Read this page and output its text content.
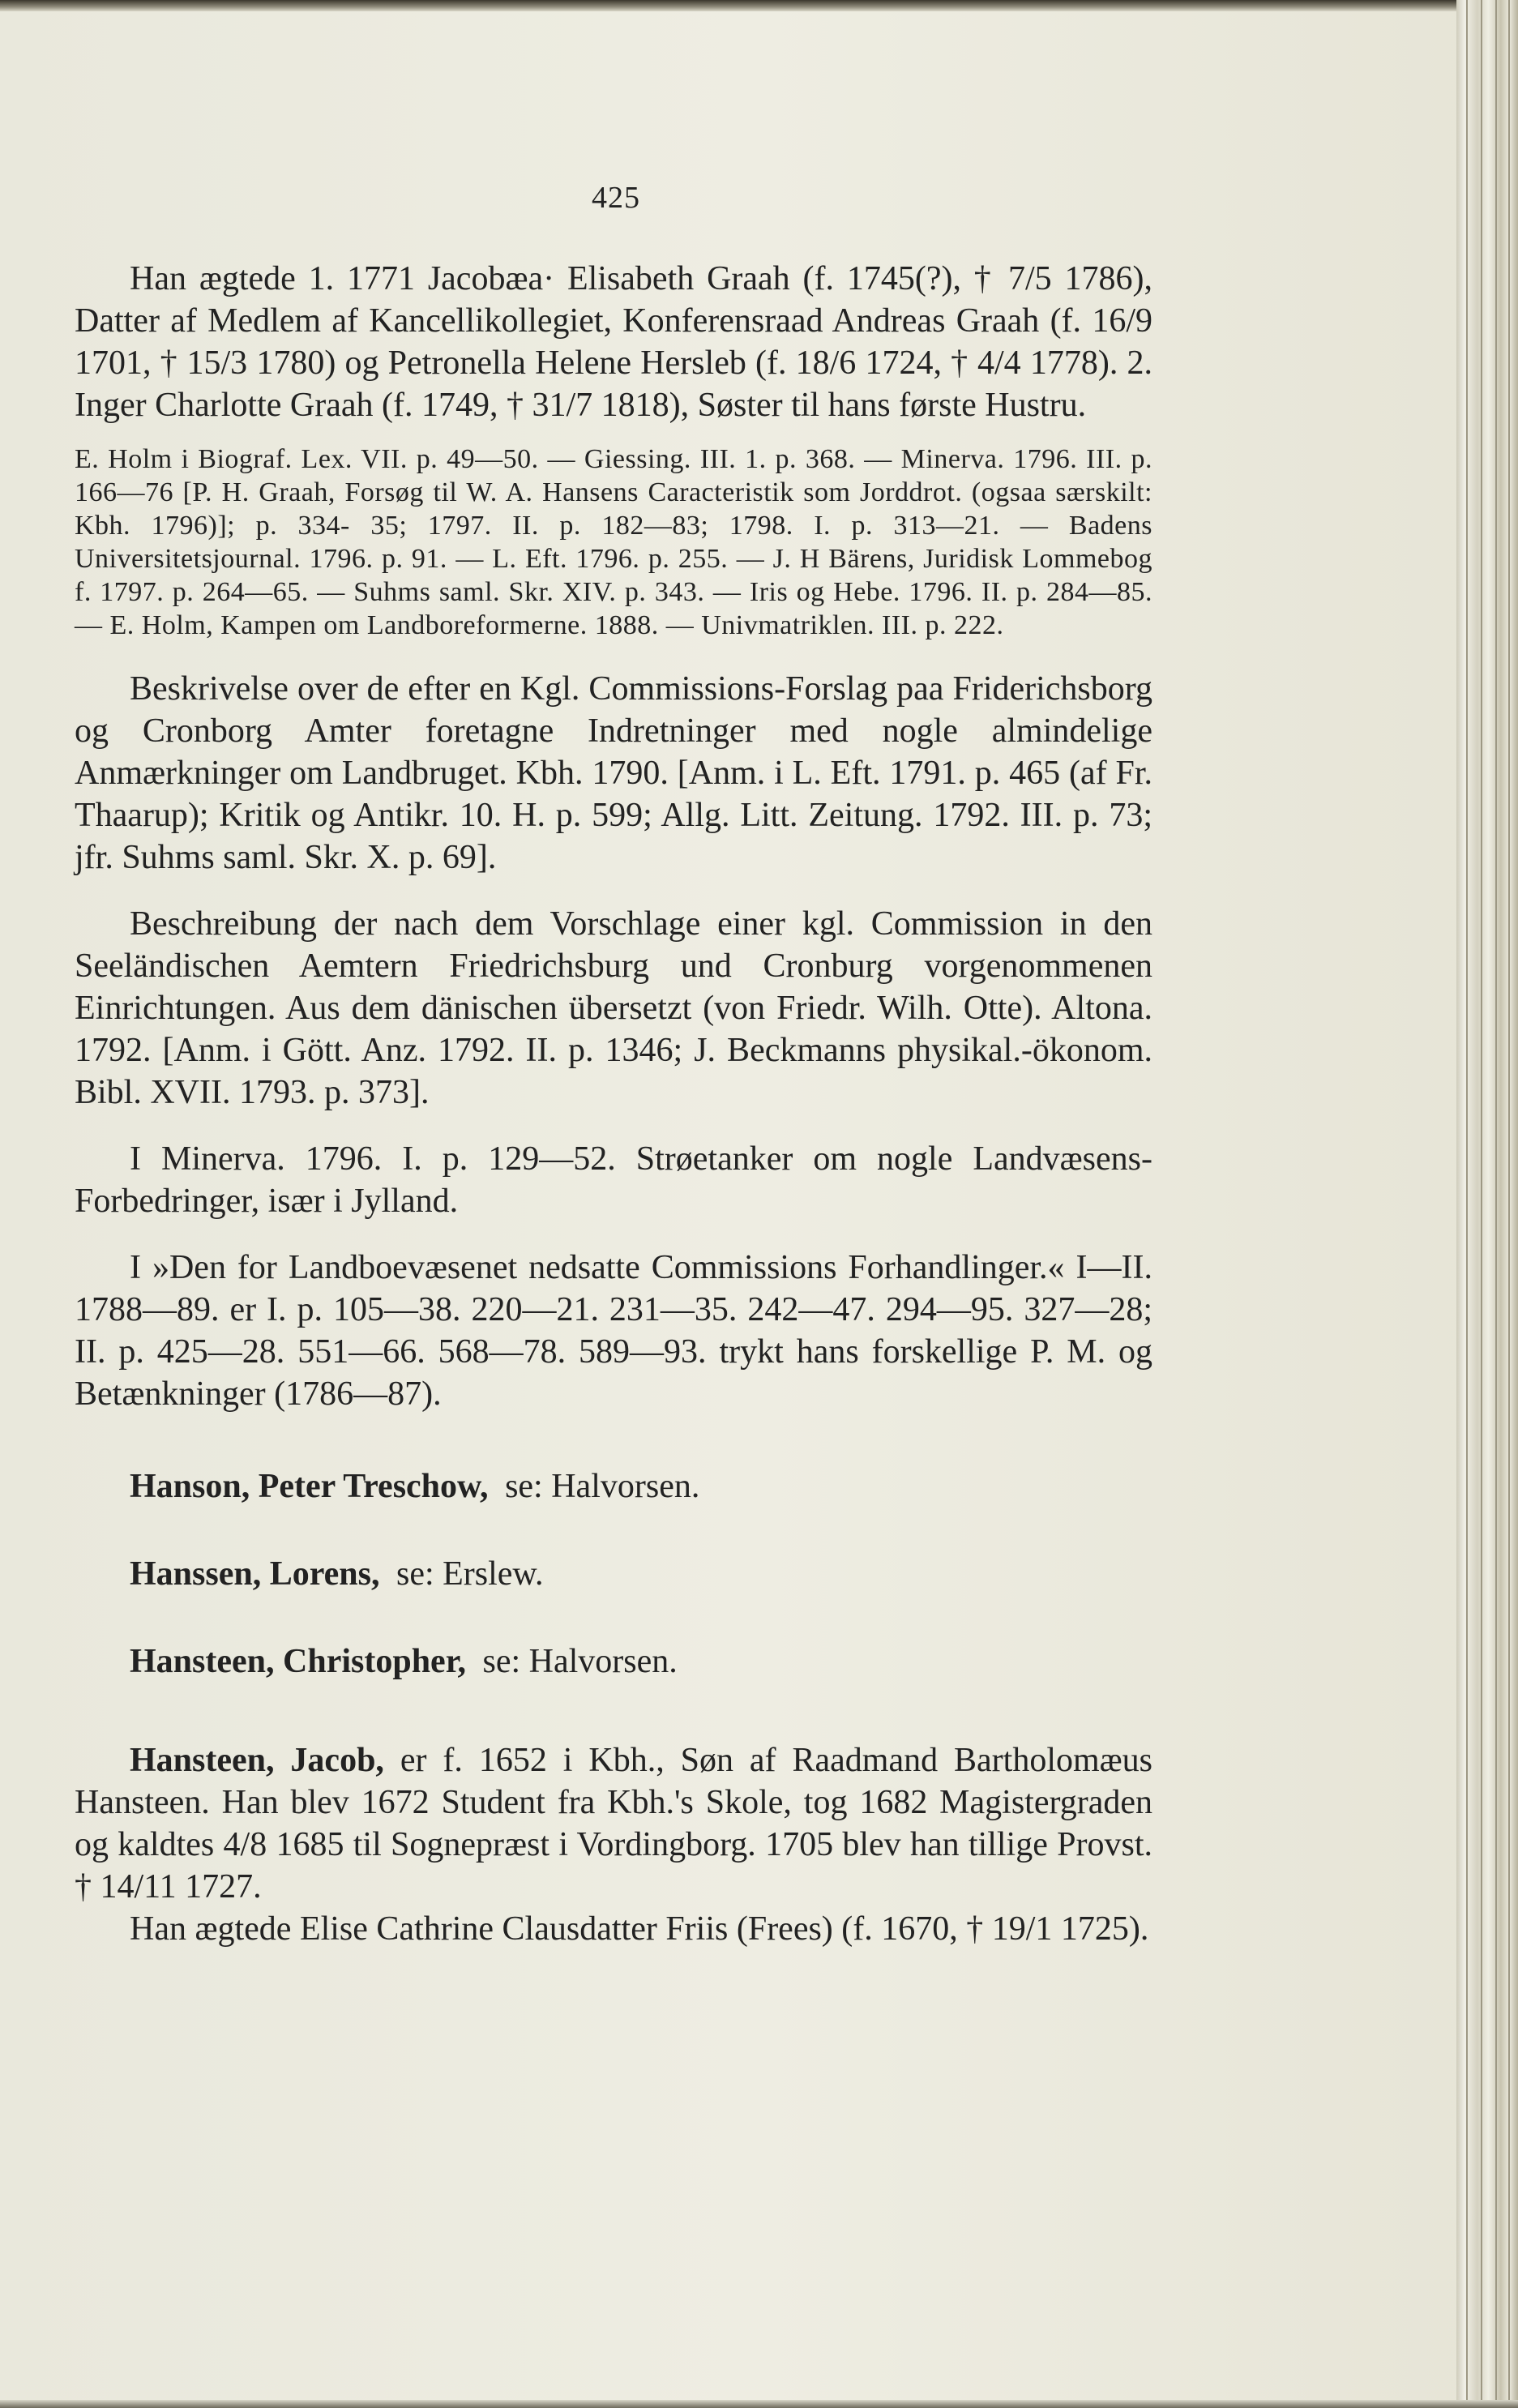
425

Han ægtede 1. 1771 Jacobæa· Elisabeth Graah (f. 1745(?), † 7/5 1786), Datter af Medlem af Kancellikollegiet, Konferensraad Andreas Graah (f. 16/9 1701, † 15/3 1780) og Petronella Helene Hersleb (f. 18/6 1724, † 4/4 1778). 2. Inger Charlotte Graah (f. 1749, † 31/7 1818), Søster til hans første Hustru.

E. Holm i Biograf. Lex. VII. p. 49—50. — Giessing. III. 1. p. 368. — Minerva. 1796. III. p. 166—76 [P. H. Graah, Forsøg til W. A. Hansens Caracteristik som Jorddrot. (ogsaa særskilt: Kbh. 1796)]; p. 334- 35; 1797. II. p. 182—83; 1798. I. p. 313—21. — Badens Universitetsjournal. 1796. p. 91. — L. Eft. 1796. p. 255. — J. H Bärens, Juridisk Lommebog f. 1797. p. 264—65. — Suhms saml. Skr. XIV. p. 343. — Iris og Hebe. 1796. II. p. 284—85. — E. Holm, Kampen om Landboreformerne. 1888. — Univmatriklen. III. p. 222.

Beskrivelse over de efter en Kgl. Commissions-Forslag paa Friderichsborg og Cronborg Amter foretagne Indretninger med nogle almindelige Anmærkninger om Landbruget. Kbh. 1790. [Anm. i L. Eft. 1791. p. 465 (af Fr. Thaarup); Kritik og Antikr. 10. H. p. 599; Allg. Litt. Zeitung. 1792. III. p. 73; jfr. Suhms saml. Skr. X. p. 69].

Beschreibung der nach dem Vorschlage einer kgl. Commission in den Seeländischen Aemtern Friedrichsburg und Cronburg vorgenommenen Einrichtungen. Aus dem dänischen übersetzt (von Friedr. Wilh. Otte). Altona. 1792. [Anm. i Gött. Anz. 1792. II. p. 1346; J. Beckmanns physikal.-ökonom. Bibl. XVII. 1793. p. 373].

I Minerva. 1796. I. p. 129—52. Strøetanker om nogle Landvæsens-Forbedringer, især i Jylland.

I »Den for Landboevæsenet nedsatte Commissions Forhandlinger.« I—II. 1788—89. er I. p. 105—38. 220—21. 231—35. 242—47. 294—95. 327—28; II. p. 425—28. 551—66. 568—78. 589—93. trykt hans forskellige P. M. og Betænkninger (1786—87).

Hanson, Peter Treschow, se: Halvorsen.

Hanssen, Lorens, se: Erslew.

Hansteen, Christopher, se: Halvorsen.

Hansteen, Jacob, er f. 1652 i Kbh., Søn af Raadmand Bartholomæus Hansteen. Han blev 1672 Student fra Kbh.'s Skole, tog 1682 Magistergraden og kaldtes 4/8 1685 til Sognepræst i Vordingborg. 1705 blev han tillige Provst. † 14/11 1727.

Han ægtede Elise Cathrine Clausdatter Friis (Frees) (f. 1670, † 19/1 1725).
